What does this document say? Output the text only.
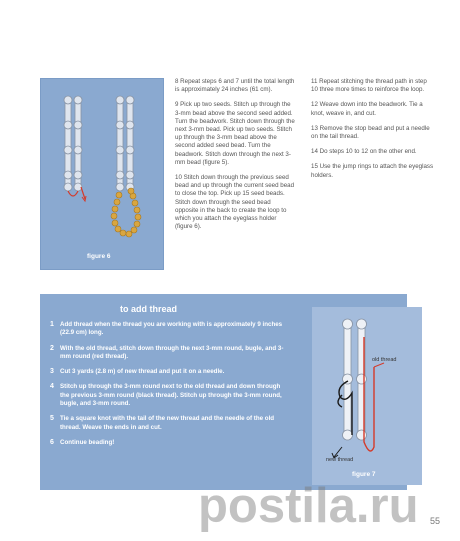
figure 6

8 Repeat steps 6 and 7 until the total length is approximately 24 inches (61 cm).

9 Pick up two seeds. Stitch up through the 3-mm bead above the second seed added. Turn the beadwork. Stitch down through the next 3-mm bead. Pick up two seeds. Stitch up through the 3-mm bead above the second added seed bead. Turn the beadwork. Stitch down through the next 3-mm bead (figure 5).

10 Stitch down through the previous seed bead and up through the current seed bead to close the top. Pick up 15 seed beads. Stitch down through the seed bead opposite in the back to create the loop to which you attach the eyeglass holder (figure 6).

11 Repeat stitching the thread path in step 10 three more times to reinforce the loop.

12 Weave down into the beadwork. Tie a knot, weave in, and cut.

13 Remove the stop bead and put a needle on the tail thread.

14 Do steps 10 to 12 on the other end.

15 Use the jump rings to attach the eyeglass holders.

to add thread
1 Add thread when the thread you are working with is approximately 9 inches (22.9 cm) long.
2 With the old thread, stitch down through the next 3-mm round, bugle, and 3-mm round (red thread).
3 Cut 3 yards (2.8 m) of new thread and put it on a needle.
4 Stitch up through the 3-mm round next to the old thread and down through the previous 3-mm round (black thread). Stitch up through the 3-mm round, bugle, and 3-mm round.
5 Tie a square knot with the tail of the new thread and the needle of the old thread. Weave the ends in and cut.
6 Continue beading!
old thread
new thread
figure 7
55
postila.ru
